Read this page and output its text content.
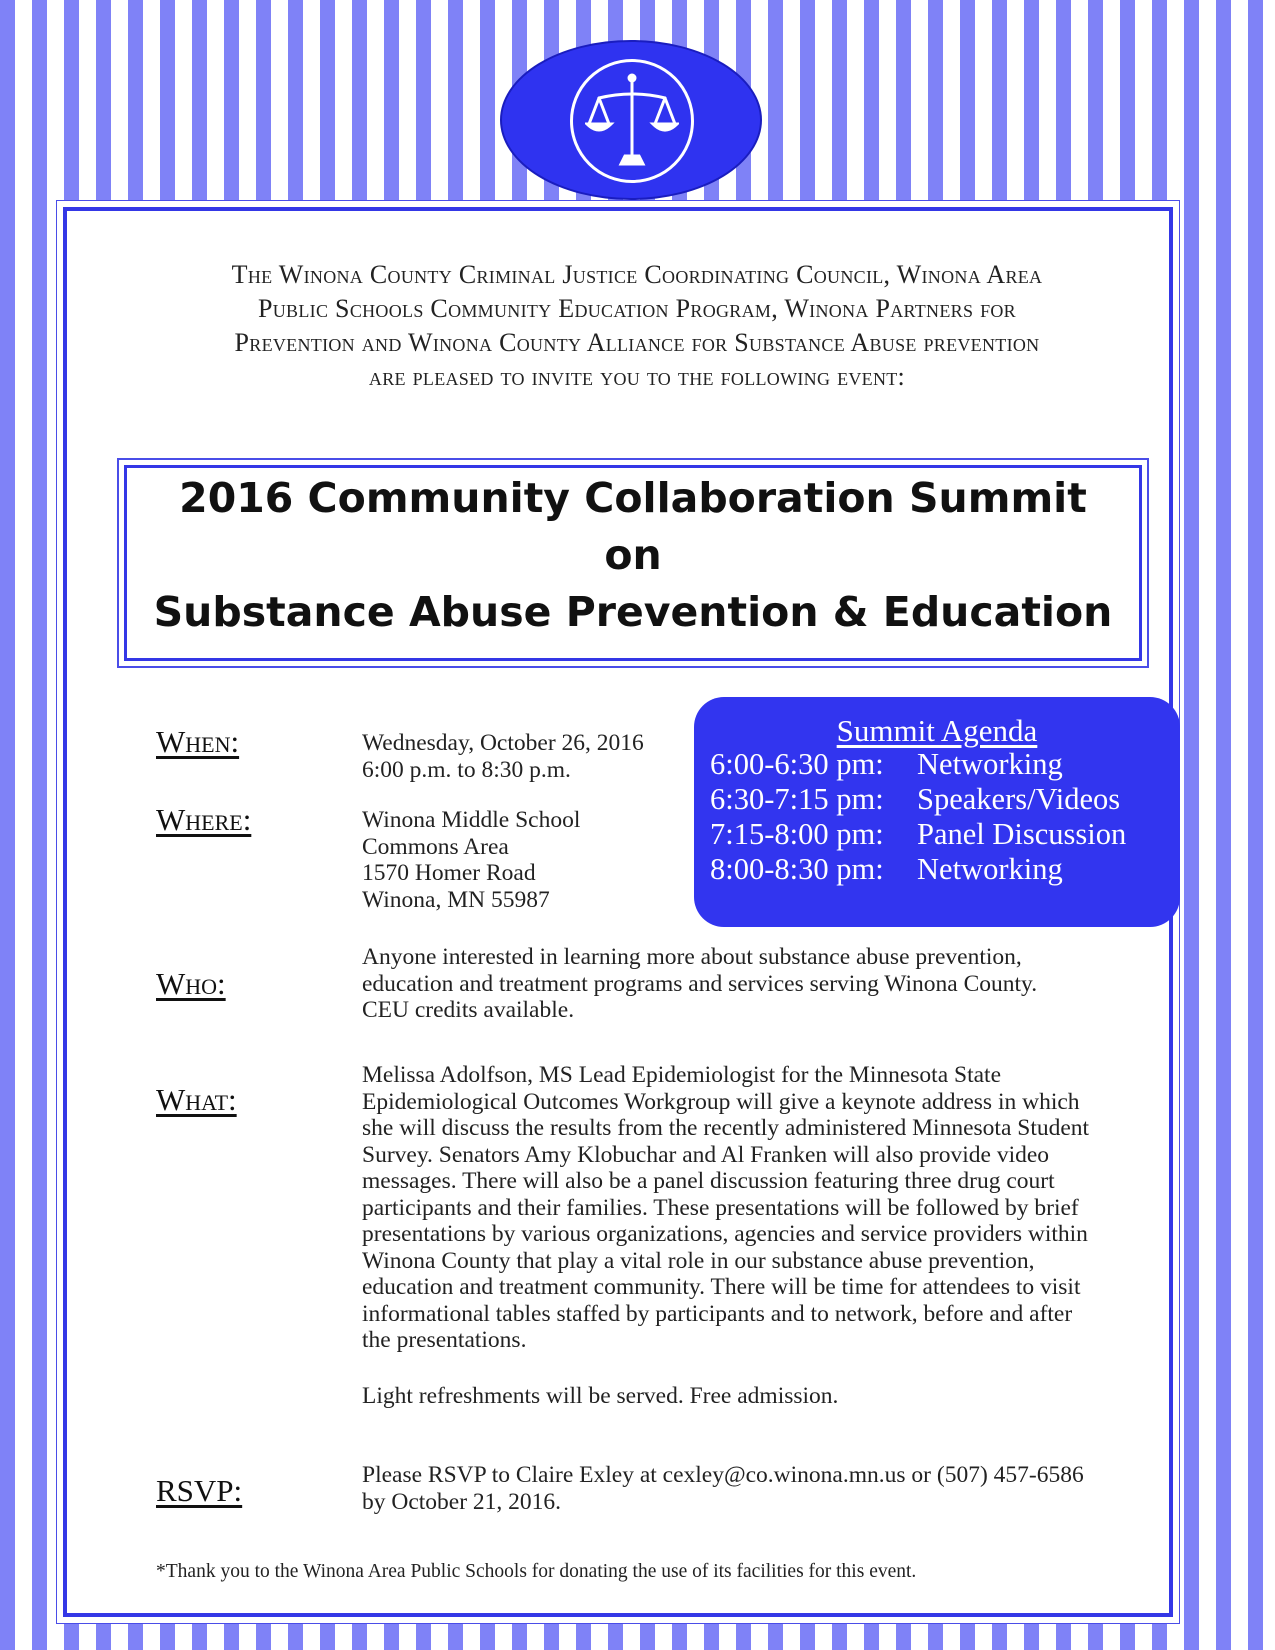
The Winona County Criminal Justice Coordinating Council, Winona Area
Public Schools Community Education Program, Winona Partners for
Prevention and Winona County Alliance for Substance Abuse prevention
are pleased to invite you to the following event:
2016 Community Collaboration Summit
on
Substance Abuse Prevention & Education
When:	Wednesday, October 26, 2016
6:00 p.m. to 8:30 p.m.
Where:	Winona Middle School
Commons Area
1570 Homer Road
Winona, MN 55987
Summit Agenda
6:00-6:30 pm: Networking
6:30-7:15 pm: Speakers/Videos
7:15-8:00 pm: Panel Discussion
8:00-8:30 pm: Networking
Who:
Anyone interested in learning more about substance abuse prevention,
education and treatment programs and services serving Winona County.
CEU credits available.
What:
Melissa Adolfson, MS Lead Epidemiologist for the Minnesota State
Epidemiological Outcomes Workgroup will give a keynote address in which
she will discuss the results from the recently administered Minnesota Student
Survey. Senators Amy Klobuchar and Al Franken will also provide video
messages. There will also be a panel discussion featuring three drug court
participants and their families. These presentations will be followed by brief
presentations by various organizations, agencies and service providers within
Winona County that play a vital role in our substance abuse prevention,
education and treatment community. There will be time for attendees to visit
informational tables staffed by participants and to network, before and after
the presentations.
Light refreshments will be served. Free admission.
RSVP:	Please RSVP to Claire Exley at cexley@co.winona.mn.us or (507) 457-6586
by October 21, 2016.
*Thank you to the Winona Area Public Schools for donating the use of its facilities for this event.
